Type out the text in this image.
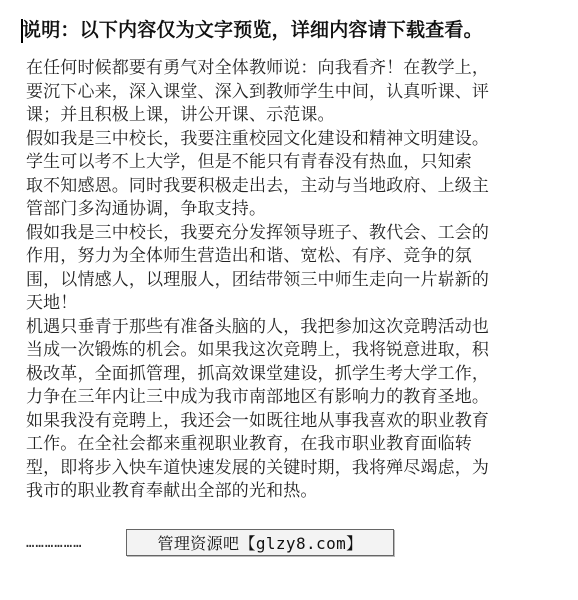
说明：以下内容仅为文字预览，详细内容请下载查看。

在任何时候都要有勇气对全体教师说：向我看齐！在教学上，
要沉下心来，深入课堂、深入到教师学生中间，认真听课、评
课；并且积极上课，讲公开课、示范课。

假如我是三中校长，我要注重校园文化建设和精神文明建设。
学生可以考不上大学，但是不能只有青春没有热血，只知索
取不知感恩。同时我要积极走出去，主动与当地政府、上级主
管部门多沟通协调，争取支持。

假如我是三中校长，我要充分发挥领导班子、教代会、工会的
作用，努力为全体师生营造出和谐、宽松、有序、竞争的氛
围，以情感人，以理服人，团结带领三中师生走向一片崭新的
天地！

机遇只垂青于那些有准备头脑的人，我把参加这次竞聘活动也
当成一次锻炼的机会。如果我这次竞聘上，我将锐意进取，积
极改革，全面抓管理，抓高效课堂建设，抓学生考大学工作，
力争在三年内让三中成为我市南部地区有影响力的教育圣地。

如果我没有竞聘上，我还会一如既往地从事我喜欢的职业教育
工作。在全社会都来重视职业教育，在我市职业教育面临转
型，即将步入快车道快速发展的关键时期，我将殚尽竭虑，为
我市的职业教育奉献出全部的光和热。

………………	管理资源吧【glzy8.com】
